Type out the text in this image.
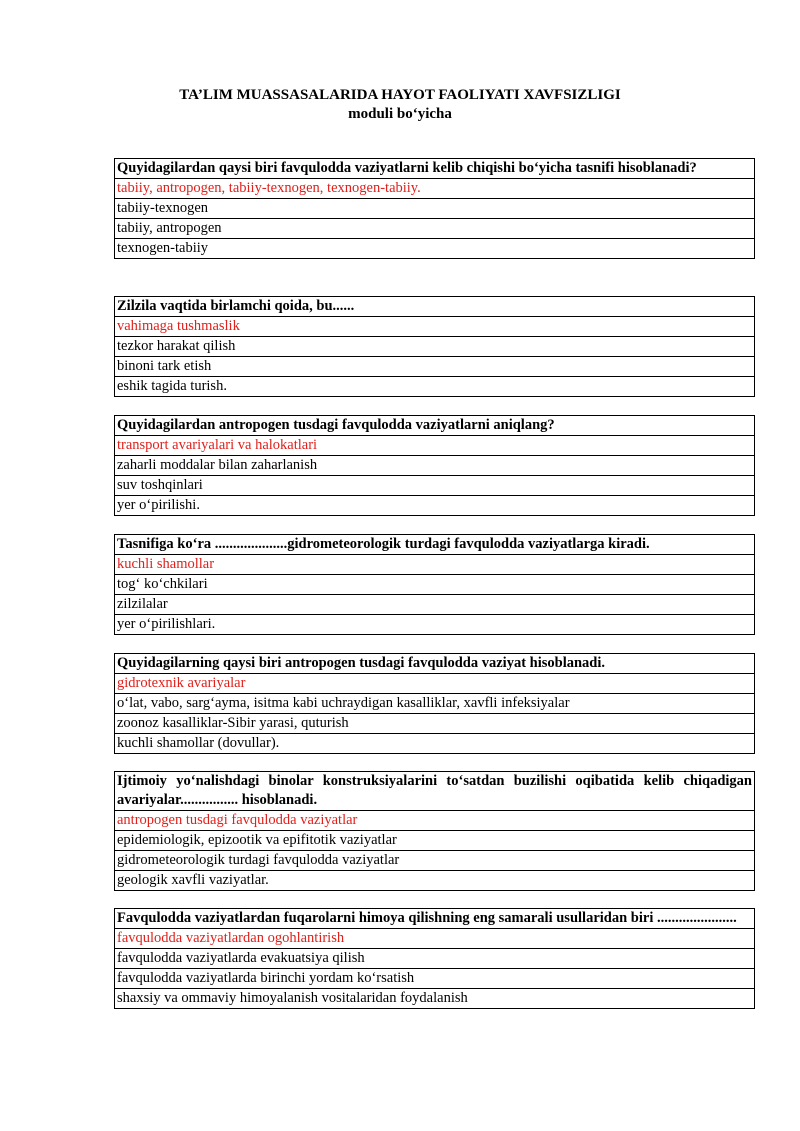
TA’LIM MUASSASALARIDA HAYOT FAOLIYATI XAVFSIZLIGI
moduli bo‘yicha
Quyidagilardan qaysi biri favqulodda vaziyatlarni kelib chiqishi bo‘yicha tasnifi hisoblanadi?
tabiiy, antropogen, tabiiy-texnogen, texnogen-tabiiy.
tabiiy-texnogen
tabiiy, antropogen
texnogen-tabiiy
Zilzila vaqtida birlamchi qoida, bu......
vahimaga tushmaslik
tezkor harakat qilish
binoni tark etish
eshik tagida turish.
Quyidagilardan antropogen tusdagi favqulodda vaziyatlarni aniqlang?
transport avariyalari va halokatlari
zaharli moddalar bilan zaharlanish
suv toshqinlari
yer o‘pirilishi.
Tasnifiga ko‘ra ....................gidrometeorologik turdagi favqulodda vaziyatlarga kiradi.
kuchli shamollar
tog‘ ko‘chkilari
zilzilalar
yer o‘pirilishlari.
Quyidagilarning qaysi biri antropogen tusdagi favqulodda vaziyat hisoblanadi.
gidrotexnik avariyalar
o‘lat, vabo, sarg‘ayma, isitma kabi uchraydigan kasalliklar, xavfli infeksiyalar
zoonoz kasalliklar-Sibir yarasi, quturish
kuchli shamollar (dovullar).
Ijtimoiy yo‘nalishdagi binolar konstruksiyalarini to‘satdan buzilishi oqibatida kelib chiqadigan avariyalar................ hisoblanadi.
antropogen tusdagi favqulodda vaziyatlar
epidemiologik, epizootik va epifitotik vaziyatlar
gidrometeorologik turdagi favqulodda vaziyatlar
geologik xavfli vaziyatlar.
Favqulodda vaziyatlardan fuqarolarni himoya qilishning eng samarali usullaridan biri ......................
favqulodda vaziyatlardan ogohlantirish
favqulodda vaziyatlarda evakuatsiya qilish
favqulodda vaziyatlarda birinchi yordam ko‘rsatish
shaxsiy va ommaviy himoyalanish vositalaridan foydalanish
